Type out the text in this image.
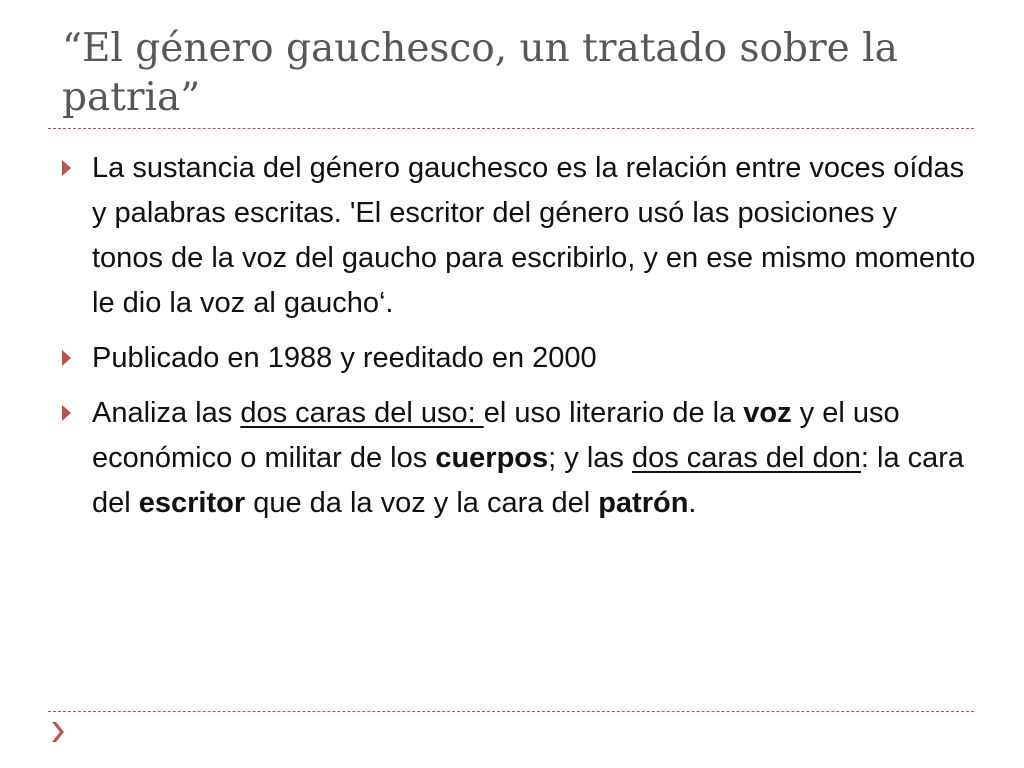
“El género gauchesco, un tratado sobre la patria”
La sustancia del género gauchesco es la relación entre voces oídas y palabras escritas. 'El escritor del género usó las posiciones y tonos de la voz del gaucho para escribirlo, y en ese mismo momento le dio la voz al gaucho‘.
Publicado en 1988 y reeditado en 2000
Analiza las dos caras del uso: el uso literario de la voz y el uso económico o militar de los cuerpos; y las dos caras del don: la cara del escritor que da la voz y la cara del patrón.
